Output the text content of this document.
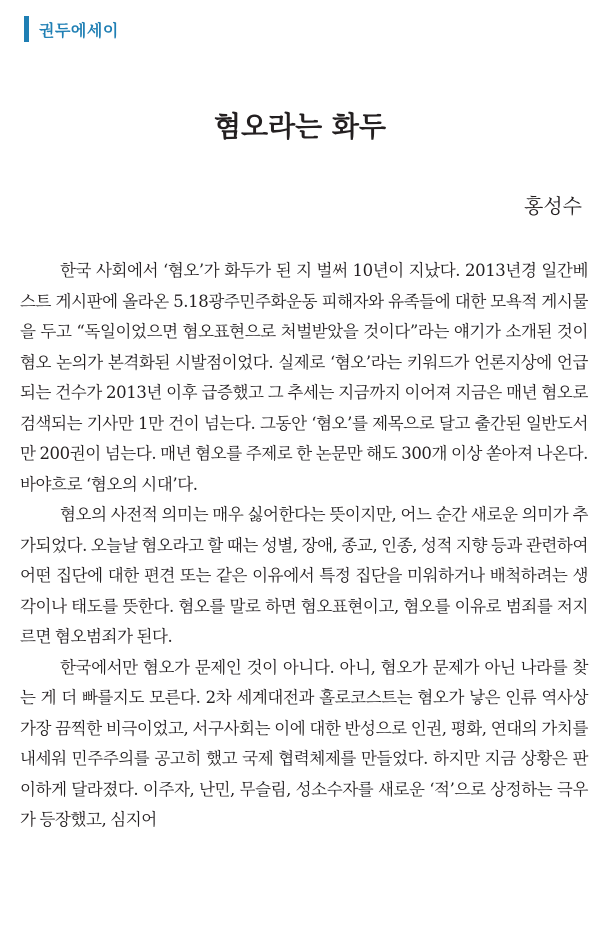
권두에세이
혐오라는 화두
홍성수

한국 사회에서 ‘혐오’가 화두가 된 지 벌써 10년이 지났다. 2013년경 일간베스트 게시판에 올라온 5.18광주민주화운동 피해자와 유족들에 대한 모욕적 게시물을 두고 “독일이었으면 혐오표현으로 처벌받았을 것이다”라는 얘기가 소개된 것이 혐오 논의가 본격화된 시발점이었다. 실제로 ‘혐오’라는 키워드가 언론지상에 언급되는 건수가 2013년 이후 급증했고 그 추세는 지금까지 이어져 지금은 매년 혐오로 검색되는 기사만 1만 건이 넘는다. 그동안 ‘혐오’를 제목으로 달고 출간된 일반도서만 200권이 넘는다. 매년 혐오를 주제로 한 논문만 해도 300개 이상 쏟아져 나온다. 바야흐로 ‘혐오의 시대’다.

혐오의 사전적 의미는 매우 싫어한다는 뜻이지만, 어느 순간 새로운 의미가 추가되었다. 오늘날 혐오라고 할 때는 성별, 장애, 종교, 인종, 성적 지향 등과 관련하여 어떤 집단에 대한 편견 또는 같은 이유에서 특정 집단을 미워하거나 배척하려는 생각이나 태도를 뜻한다. 혐오를 말로 하면 혐오표현이고, 혐오를 이유로 범죄를 저지르면 혐오범죄가 된다.

한국에서만 혐오가 문제인 것이 아니다. 아니, 혐오가 문제가 아닌 나라를 찾는 게 더 빠를지도 모른다. 2차 세계대전과 홀로코스트는 혐오가 낳은 인류 역사상 가장 끔찍한 비극이었고, 서구사회는 이에 대한 반성으로 인권, 평화, 연대의 가치를 내세워 민주주의를 공고히 했고 국제 협력체제를 만들었다. 하지만 지금 상황은 판이하게 달라졌다. 이주자, 난민, 무슬림, 성소수자를 새로운 ‘적’으로 상정하는 극우가 등장했고, 심지어
